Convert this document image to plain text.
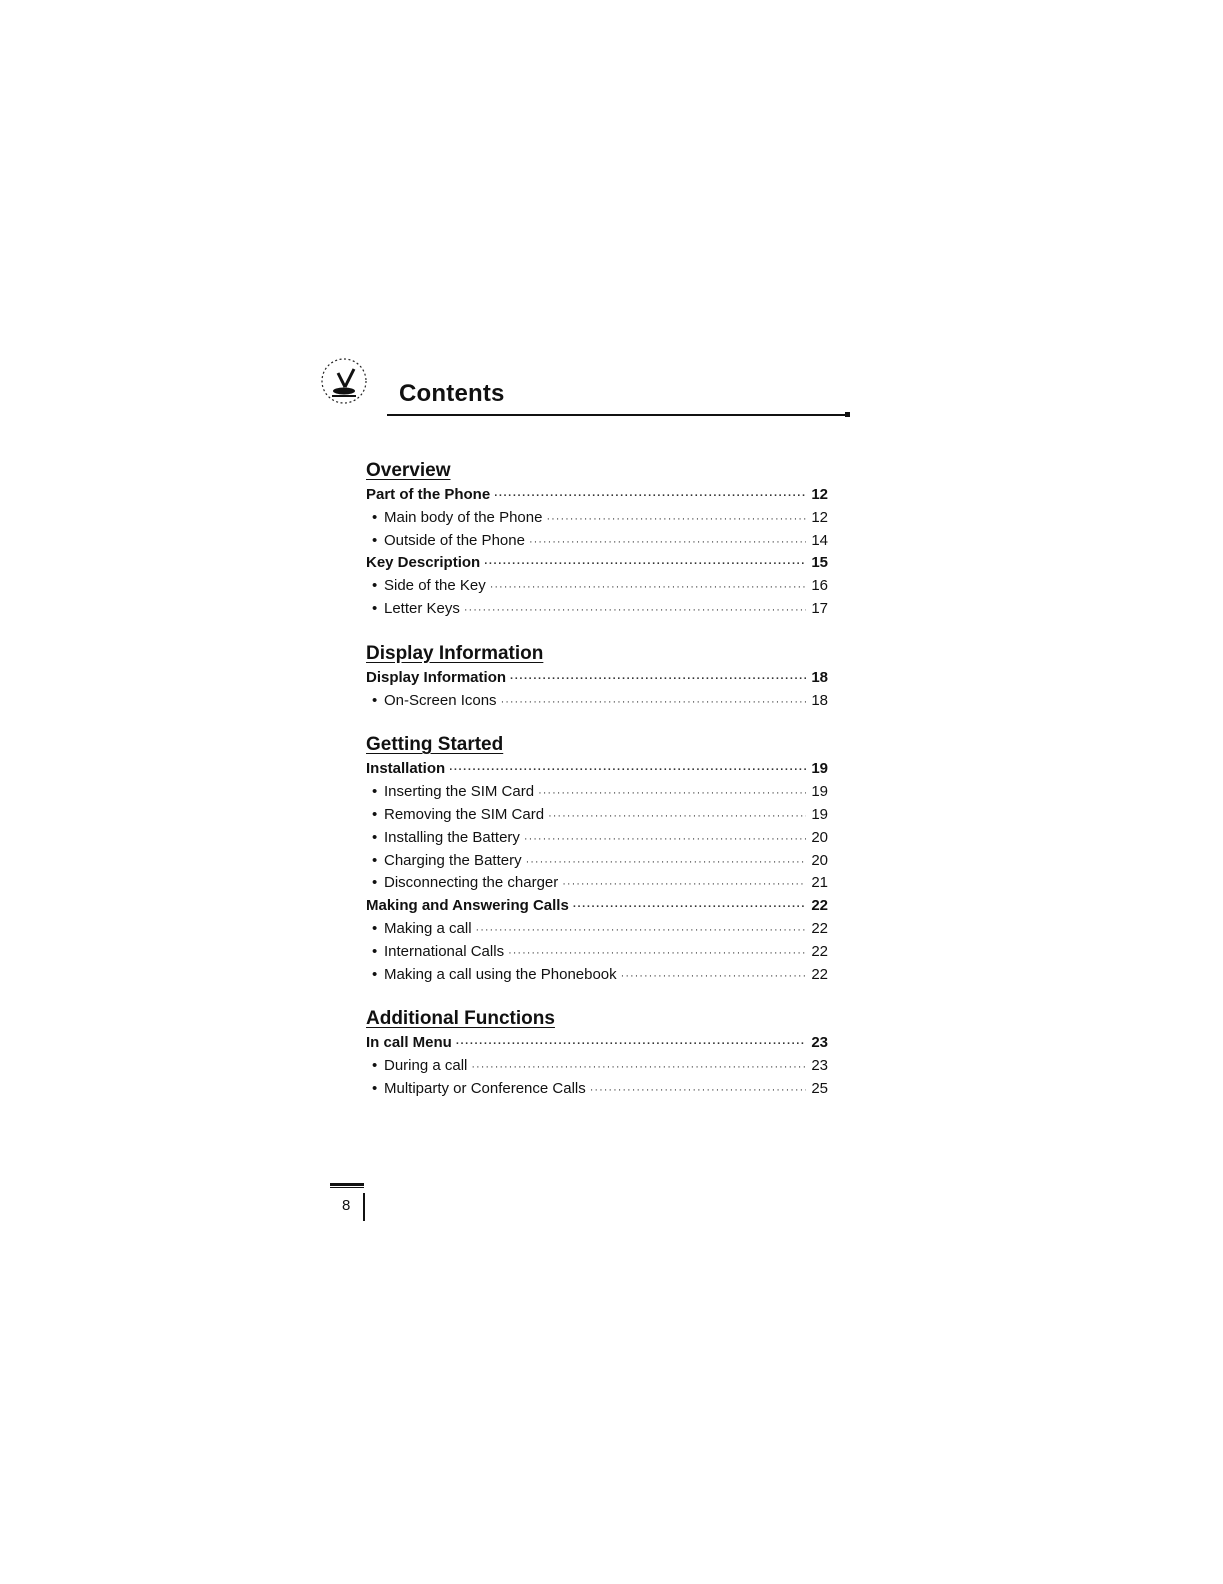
Contents
Overview
Part of the Phone ·····	12
• Main body of the Phone ·····	12
• Outside of the Phone ·····	14
Key Description ·····	15
• Side of the Key ·····	16
• Letter Keys ·····	17
Display Information
Display Information ·····	18
• On-Screen Icons ·····	18
Getting Started
Installation ·····	19
• Inserting the SIM Card ·····	19
• Removing the SIM Card ·····	19
• Installing the Battery ·····	20
• Charging the Battery ·····	20
• Disconnecting the charger ·····	21
Making and Answering Calls ·····	22
• Making a call ·····	22
• International Calls ·····	22
• Making a call using the Phonebook ·····	22
Additional Functions
In call Menu ·····	23
• During a call ·····	23
• Multiparty or Conference Calls ·····	25
8
